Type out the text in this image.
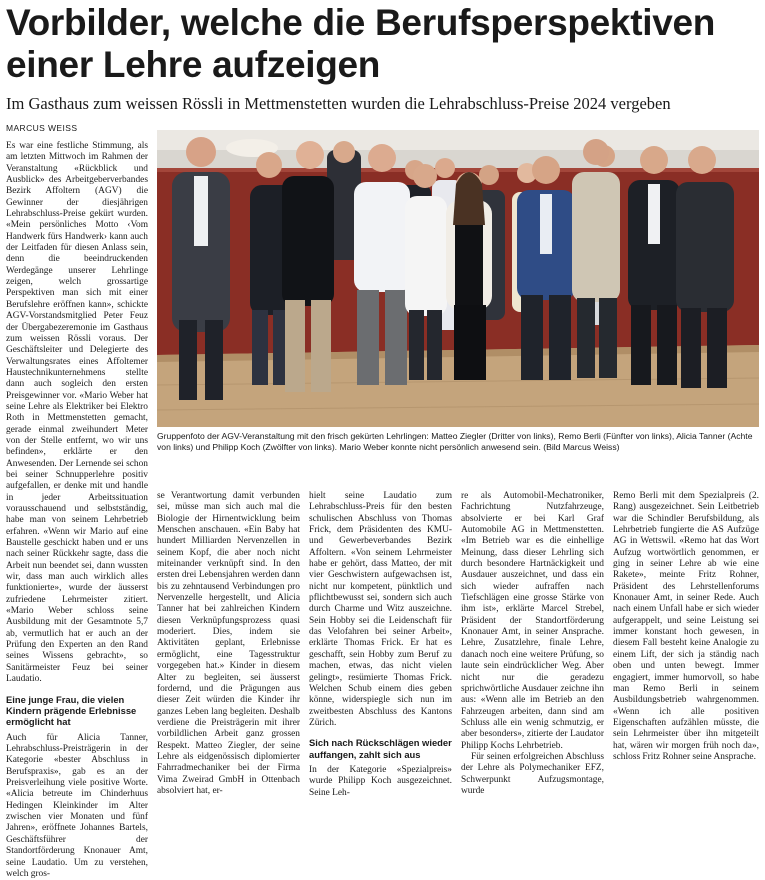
Vorbilder, welche die Berufsperspektiven einer Lehre aufzeigen
Im Gasthaus zum weissen Rössli in Mettmenstetten wurden die Lehrabschluss-Preise 2024 vergeben
MARCUS WEISS

Es war eine festliche Stimmung, als am letzten Mittwoch im Rahmen der Veranstaltung «Rückblick und Ausblick» des Arbeitgeberverbandes Bezirk Affoltern (AGV) die Gewinner der diesjährigen Lehrabschluss-Preise gekürt wurden. «Mein persönliches Motto ‹Vom Handwerk fürs Handwerk› kann auch der Leitfaden für diesen Anlass sein, denn die beeindruckenden Werdegänge unserer Lehrlinge zeigen, welch grossartige Perspektiven man sich mit einer Berufslehre eröffnen kann», schickte AGV-Vorstandsmitglied Peter Feuz der Übergabezeremonie im Gasthaus zum weissen Rössli voraus. Der Geschäftsleiter und Delegierte des Verwaltungsrates eines Affoltemer Haustechnikunternehmens stellte dann auch sogleich den ersten Preisgewinner vor. «Mario Weber hat seine Lehre als Elektriker bei Elektro Roth in Mettmenstetten gemacht, gerade einmal zweihundert Meter von der Stelle entfernt, wo wir uns befinden», erklärte er den Anwesenden. Der Lernende sei schon bei seiner Schnupperlehre positiv aufgefallen, er denke mit und handle in jeder Arbeitssituation vorausschauend und selbstständig, habe man von seinem Lehrbetrieb erfahren. «Wenn wir Mario auf eine Baustelle geschickt haben und er uns nach seiner Rückkehr sagte, dass die Arbeit nun beendet sei, dann wussten wir, dass man auch wirklich alles funktionierte», wurde der äusserst zufriedene Lehrmeister zitiert. «Mario Weber schloss seine Ausbildung mit der Gesamtnote 5,7 ab, vermutlich hat er auch an der Prüfung den Experten an den Rand seines Wissens gebracht», so Sanitärmeister Feuz bei seiner Laudatio.

Eine junge Frau, die vielen Kindern prägende Erlebnisse ermöglicht hat

Auch für Alicia Tanner, Lehrabschluss-Preisträgerin in der Kategorie «bester Abschluss in Berufspraxis», gab es an der Preisverleihung viele positive Worte. «Alicia betreute im Chinderhuus Hedingen Kleinkinder im Alter zwischen vier Monaten und fünf Jahren», eröffnete Johannes Bartels, Geschäftsführer der Standortförderung Knonauer Amt, seine Laudatio. Um zu verstehen, welch gros-

Gruppenfoto der AGV-Veranstaltung mit den frisch gekürten Lehrlingen: Matteo Ziegler (Dritter von links), Remo Berli (Fünfter von links), Alicia Tanner (Achte von links) und Philipp Koch (Zwölfter von links). Mario Weber konnte nicht persönlich anwesend sein. (Bild Marcus Weiss)

se Verantwortung damit verbunden sei, müsse man sich auch mal die Biologie der Hirnentwicklung beim Menschen anschauen. «Ein Baby hat hundert Milliarden Nervenzellen in seinem Kopf, die aber noch nicht miteinander verknüpft sind. In den ersten drei Lebensjahren werden dann bis zu zehntausend Verbindungen pro Nervenzelle hergestellt, und Alicia Tanner hat bei zahlreichen Kindern diesen Verknüpfungsprozess quasi moderiert. Dies, indem sie Aktivitäten geplant, Erlebnisse ermöglicht, eine Tagesstruktur vorgegeben hat.» Kinder in diesem Alter zu begleiten, sei äusserst fordernd, und die Prägungen aus dieser Zeit würden die Kinder ihr ganzes Leben lang begleiten. Deshalb verdiene die Preisträgerin mit ihrer vorbildlichen Arbeit ganz grossen Respekt. Matteo Ziegler, der seine Lehre als eidgenössisch diplomierter Fahrradmechaniker bei der Firma Vima Zweirad GmbH in Ottenbach absolviert hat, er-

hielt seine Laudatio zum Lehrabschluss-Preis für den besten schulischen Abschluss von Thomas Frick, dem Präsidenten des KMU- und Gewerbeverbandes Bezirk Affoltern. «Von seinem Lehrmeister habe er gehört, dass Matteo, der mit vier Geschwistern aufgewachsen ist, nicht nur kompetent, pünktlich und pflichtbewusst sei, sondern sich auch durch Charme und Witz auszeichne. Sein Hobby sei die Leidenschaft für das Velofahren bei seiner Arbeit», erklärte Thomas Frick. Er hat es geschafft, sein Hobby zum Beruf zu machen, etwas, das nicht vielen gelingt», resümierte Thomas Frick. Welchen Schub einem dies geben könne, widerspiegle sich nun im zweitbesten Abschluss des Kantons Zürich.

Sich nach Rückschlägen wieder auffangen, zahlt sich aus

In der Kategorie «Spezialpreis» wurde Philipp Koch ausgezeichnet. Seine Leh-

re als Automobil-Mechatroniker, Fachrichtung Nutzfahrzeuge, absolvierte er bei Karl Graf Automobile AG in Mettmenstetten. «Im Betrieb war es die einhellige Meinung, dass dieser Lehrling sich durch besondere Hartnäckigkeit und Ausdauer auszeichnet, und dass ein sich wieder aufraffen nach Tiefschlägen eine grosse Stärke von ihm ist», erklärte Marcel Strebel, Präsident der Standortförderung Knonauer Amt, in seiner Ansprache. Lehre, Zusatzlehre, finale Lehre, danach noch eine weitere Prüfung, so laute sein eindrücklicher Weg. Aber nicht nur die geradezu sprichwörtliche Ausdauer zeichne ihn aus: «Wenn alle im Betrieb an den Fahrzeugen arbeiten, dann sind am Schluss alle ein wenig schmutzig, er aber besonders», zitierte der Laudator Philipp Kochs Lehrbetrieb.

Für seinen erfolgreichen Abschluss der Lehre als Polymechaniker EFZ, Schwerpunkt Aufzugsmontage, wurde

Remo Berli mit dem Spezialpreis (2. Rang) ausgezeichnet. Sein Leitbetrieb war die Schindler Berufsbildung, als Lehrbetrieb fungierte die AS Aufzüge AG in Wettswil. «Remo hat das Wort Aufzug wortwörtlich genommen, er ging in seiner Lehre ab wie eine Rakete», meinte Fritz Rohner, Präsident des Lehrstellenforums Knonauer Amt, in seiner Rede. Auch nach einem Unfall habe er sich wieder aufgerappelt, und seine Leistung sei immer konstant hoch gewesen, in diesem Fall besteht keine Analogie zu einem Lift, der sich ja ständig nach oben und unten bewegt. Immer engagiert, immer humorvoll, so habe man Remo Berli in seinem Ausbildungsbetrieb wahrgenommen. «Wenn ich alle positiven Eigenschaften aufzählen müsste, die sein Lehrmeister über ihn mitgeteilt hat, wären wir morgen früh noch da», schloss Fritz Rohner seine Ansprache.
